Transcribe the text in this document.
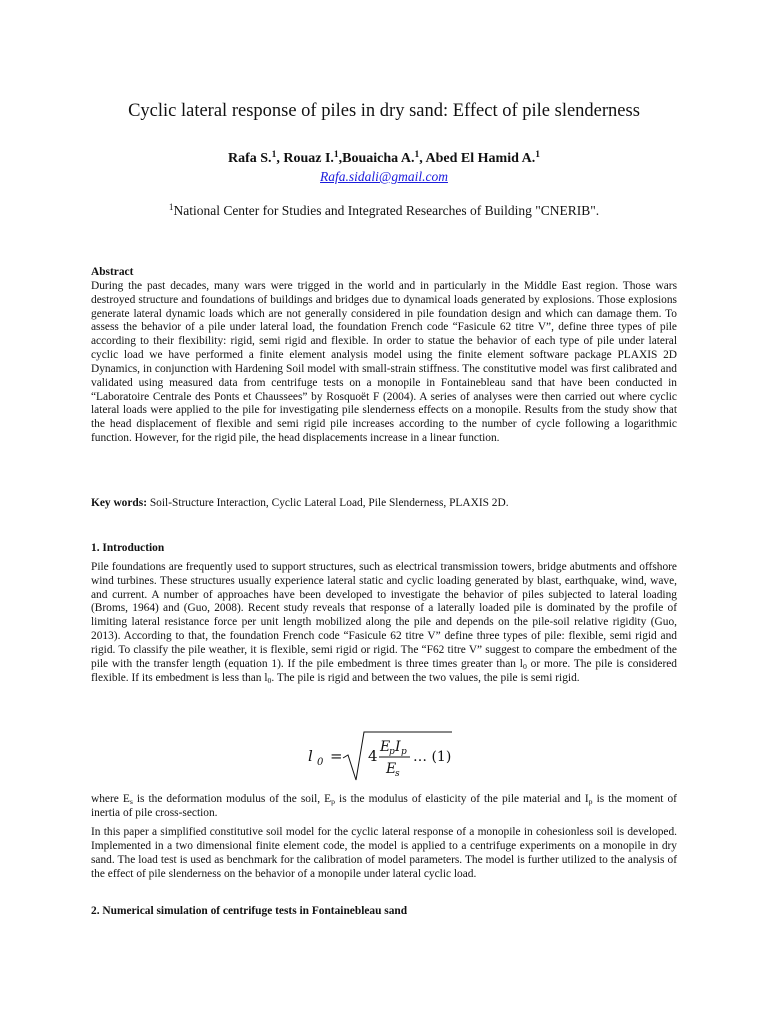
Cyclic lateral response of piles in dry sand: Effect of pile slenderness
Rafa S.$^1$, Rouaz I.$^1$,Bouaicha A.$^1$, Abed El Hamid A.$^1$
Rafa.sidali@gmail.com
$^1$National Center for Studies and Integrated Researches of Building "CNERIB".
Abstract
During the past decades, many wars were trigged in the world and in particularly in the Middle East region. Those wars destroyed structure and foundations of buildings and bridges due to dynamical loads generated by explosions. Those explosions generate lateral dynamic loads which are not generally considered in pile foundation design and which can damage them. To assess the behavior of a pile under lateral load, the foundation French code “Fasicule 62 titre V”, define three types of pile according to their flexibility: rigid, semi rigid and flexible. In order to statue the behavior of each type of pile under lateral cyclic load we have performed a finite element analysis model using the finite element software package PLAXIS 2D Dynamics, in conjunction with Hardening Soil model with small-strain stiffness. The constitutive model was first calibrated and validated using measured data from centrifuge tests on a monopile in Fontainebleau sand that have been conducted in “Laboratoire Centrale des Ponts et Chaussees” by Rosquoët F (2004). A series of analyses were then carried out where cyclic lateral loads were applied to the pile for investigating pile slenderness effects on a monopile. Results from the study show that the head displacement of flexible and semi rigid pile increases according to the number of cycle following a logarithmic function. However, for the rigid pile, the head displacements increase in a linear function.
Key words: Soil-Structure Interaction, Cyclic Lateral Load, Pile Slenderness, PLAXIS 2D.
1. Introduction
Pile foundations are frequently used to support structures, such as electrical transmission towers, bridge abutments and offshore wind turbines. These structures usually experience lateral static and cyclic loading generated by blast, earthquake, wind, wave, and current. A number of approaches have been developed to investigate the behavior of piles subjected to lateral loading (Broms, 1964) and (Guo, 2008). Recent study reveals that response of a laterally loaded pile is dominated by the profile of limiting lateral resistance force per unit length mobilized along the pile and depends on the pile-soil relative rigidity (Guo, 2013). According to that, the foundation French code “Fasicule 62 titre V” define three types of pile: flexible, semi rigid and rigid. To classify the pile weather, it is flexible, semi rigid or rigid. The “F62 titre V” suggest to compare the embedment of the pile with the transfer length (equation 1). If the pile embedment is three times greater than $l_0$ or more. The pile is considered flexible. If its embedment is less than $l_0$. The pile is rigid and between the two values, the pile is semi rigid.
l 0 = 4 E
p I p
E
s
… (1)
where $E_s$ is the deformation modulus of the soil, $E_p$ is the modulus of elasticity of the pile material and $I_p$ is the moment of inertia of pile cross-section.
In this paper a simplified constitutive soil model for the cyclic lateral response of a monopile in cohesionless soil is developed. Implemented in a two dimensional finite element code, the model is applied to a centrifuge experiments on a monopile in dry sand. The load test is used as benchmark for the calibration of model parameters. The model is further utilized to the analysis of the effect of pile slenderness on the behavior of a monopile under lateral cyclic load.
2. Numerical simulation of centrifuge tests in Fontainebleau sand
